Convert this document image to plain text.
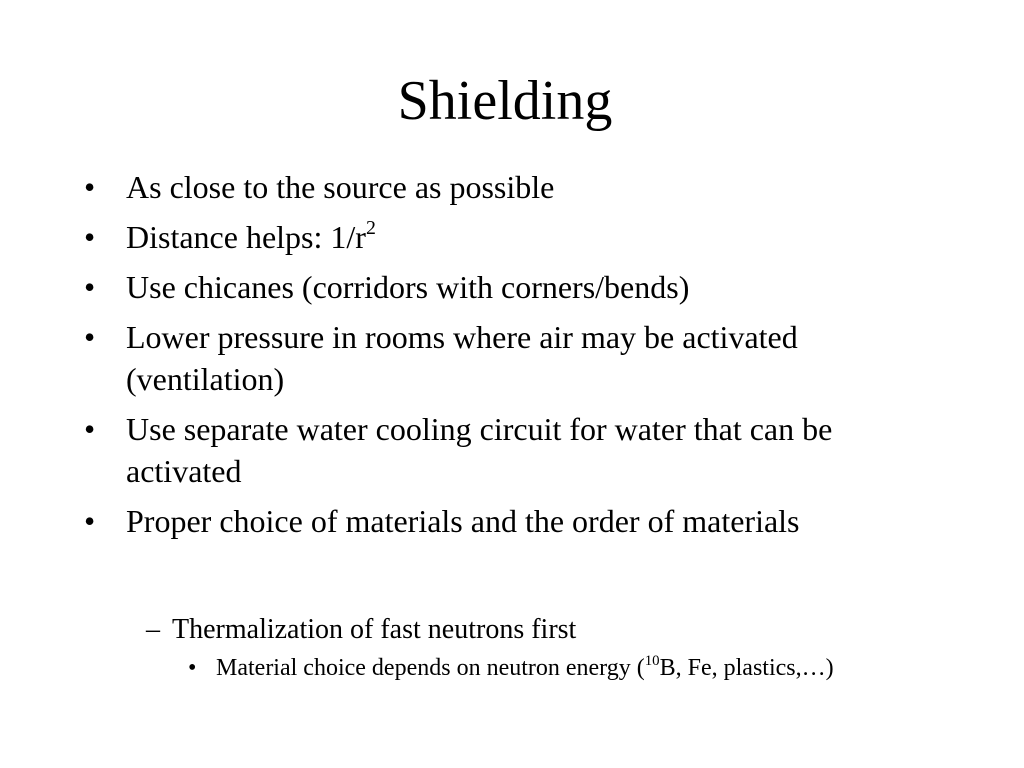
Shielding
• As close to the source as possible
• Distance helps: $1/r^2$
• Use chicanes (corridors with corners/bends)
• Lower pressure in rooms where air may be activated (ventilation)
• Use separate water cooling circuit for water that can be activated
• Proper choice of materials and the order of materials
– Thermalization of fast neutrons first
• Material choice depends on neutron energy ($^{10}$B, Fe, plastics,…)
